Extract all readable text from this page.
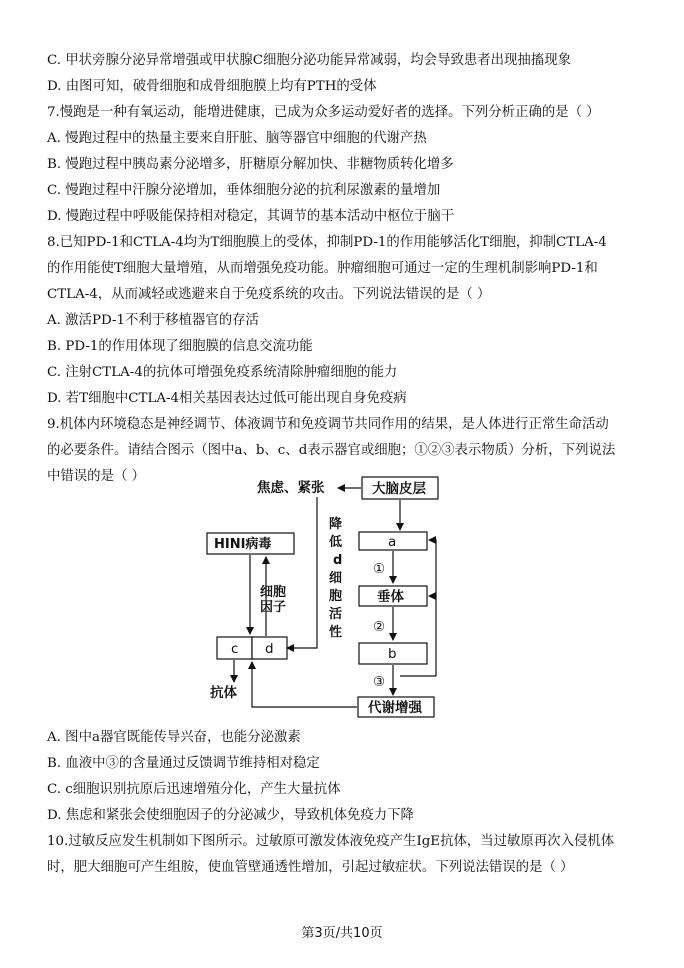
C. 甲状旁腺分泌异常增强或甲状腺C细胞分泌功能异常减弱，均会导致患者出现抽搐现象
D. 由图可知，破骨细胞和成骨细胞膜上均有PTH的受体
7.慢跑是一种有氧运动，能增进健康，已成为众多运动爱好者的选择。下列分析正确的是（ ）
A. 慢跑过程中的热量主要来自肝脏、脑等器官中细胞的代谢产热
B. 慢跑过程中胰岛素分泌增多，肝糖原分解加快、非糖物质转化增多
C. 慢跑过程中汗腺分泌增加，垂体细胞分泌的抗利尿激素的量增加
D. 慢跑过程中呼吸能保持相对稳定，其调节的基本活动中枢位于脑干
8.已知PD-1和CTLA-4均为T细胞膜上的受体，抑制PD-1的作用能够活化T细胞，抑制CTLA-4
的作用能使T细胞大量增殖，从而增强免疫功能。肿瘤细胞可通过一定的生理机制影响PD-1和
CTLA-4，从而减轻或逃避来自于免疫系统的攻击。下列说法错误的是（ ）
A. 激活PD-1不利于移植器官的存活
B. PD-1的作用体现了细胞膜的信息交流功能
C. 注射CTLA-4的抗体可增强免疫系统清除肿瘤细胞的能力
D. 若T细胞中CTLA-4相关基因表达过低可能出现自身免疫病
9.机体内环境稳态是神经调节、体液调节和免疫调节共同作用的结果，是人体进行正常生命活动
的必要条件。请结合图示（图中a、b、c、d表示器官或细胞；①②③表示物质）分析，下列说法
中错误的是（ ）
焦虑、紧张	大脑皮层
降
低
d
细
胞
活
性
HINI病毒
细胞
因子
c d
抗体
a
①
垂体
②
b
③
代谢增强
A. 图中a器官既能传导兴奋，也能分泌激素
B. 血液中③的含量通过反馈调节维持相对稳定
C. c细胞识别抗原后迅速增殖分化，产生大量抗体
D. 焦虑和紧张会使细胞因子的分泌减少，导致机体免疫力下降
10.过敏反应发生机制如下图所示。过敏原可激发体液免疫产生IgE抗体，当过敏原再次入侵机体
时，肥大细胞可产生组胺，使血管壁通透性增加，引起过敏症状。下列说法错误的是（ ）
第3页/共10页
